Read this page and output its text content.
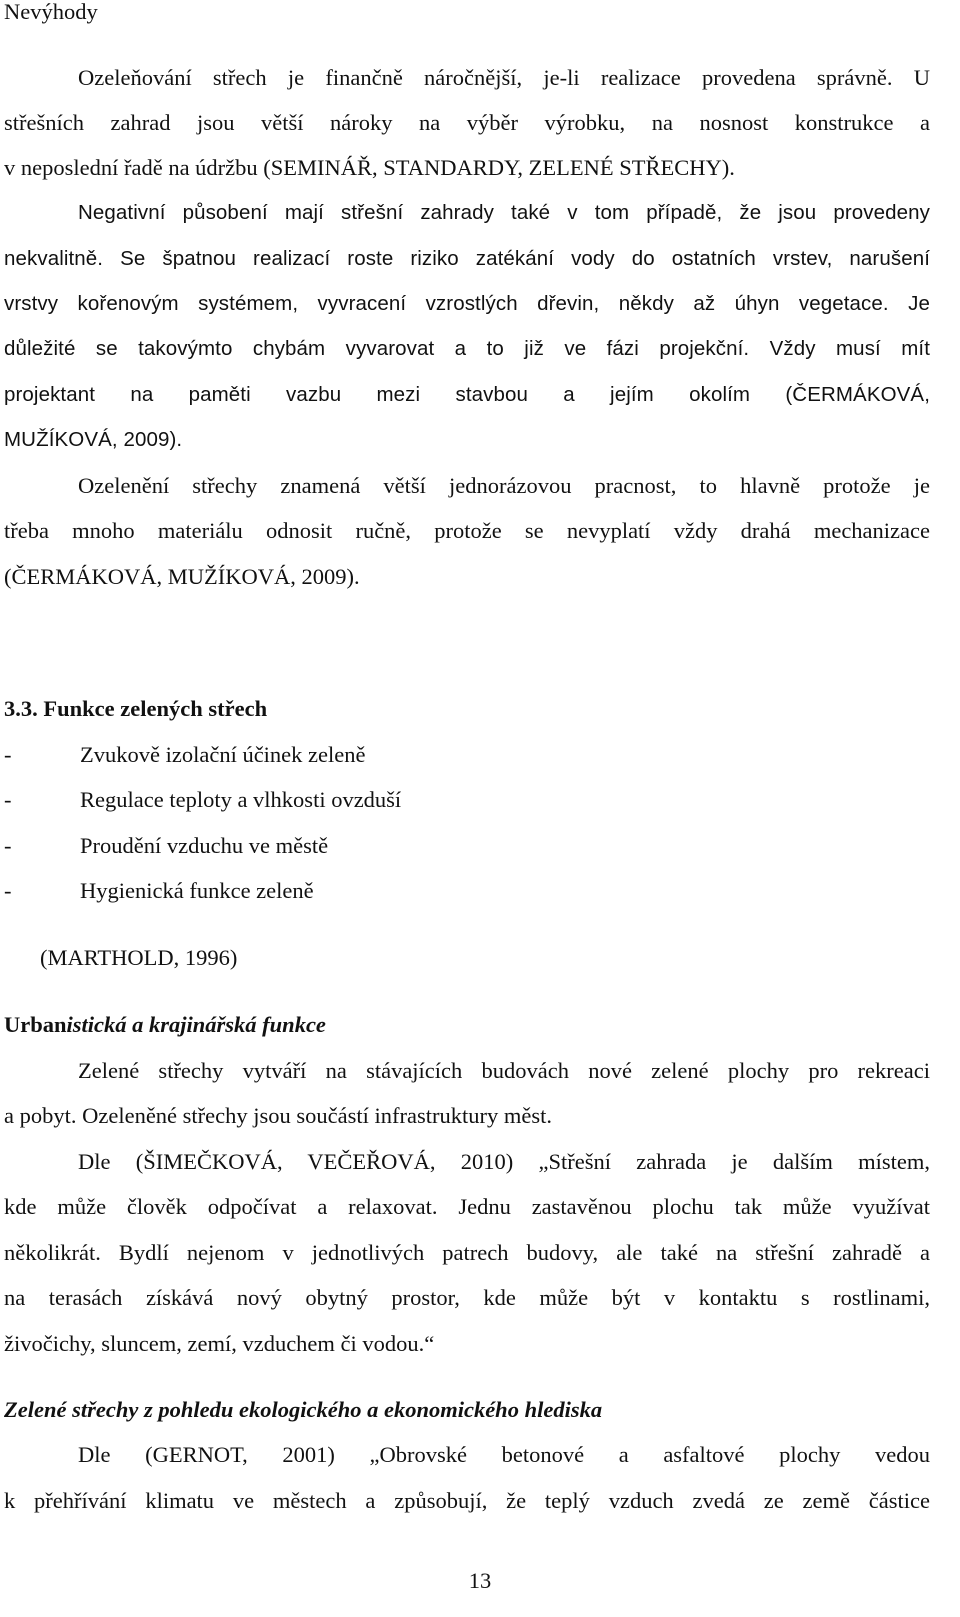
Nevýhody
Ozeleňování střech je finančně náročnější, je-li realizace provedena správně. U
střešních zahrad jsou větší nároky na výběr výrobku, na nosnost konstrukce a
v neposlední řadě na údržbu (SEMINÁŘ, STANDARDY, ZELENÉ STŘECHY).
Negativní působení mají střešní zahrady také v tom případě, že jsou provedeny
nekvalitně. Se špatnou realizací roste riziko zatékání vody do ostatních vrstev, narušení
vrstvy kořenovým systémem, vyvracení vzrostlých dřevin, někdy až úhyn vegetace. Je
důležité se takovýmto chybám vyvarovat a to již ve fázi projekční. Vždy musí mít
projektant na paměti vazbu mezi stavbou a jejím okolím (ČERMÁKOVÁ,
MUŽÍKOVÁ, 2009).
Ozelenění střechy znamená větší jednorázovou pracnost, to hlavně protože je
třeba mnoho materiálu odnosit ručně, protože se nevyplatí vždy drahá mechanizace
(ČERMÁKOVÁ, MUŽÍKOVÁ, 2009).
3.3. Funkce zelených střech
-	Zvukově izolační účinek zeleně
-	Regulace teploty a vlhkosti ovzduší
-	Proudění vzduchu ve městě
-	Hygienická funkce zeleně
(MARTHOLD, 1996)
Urbanistická a krajinářská funkce
Zelené střechy vytváří na stávajících budovách nové zelené plochy pro rekreaci
a pobyt. Ozeleněné střechy jsou součástí infrastruktury měst.
Dle (ŠIMEČKOVÁ, VEČEŘOVÁ, 2010) „Střešní zahrada je dalším místem,
kde může člověk odpočívat a relaxovat. Jednu zastavěnou plochu tak může využívat
několikrát. Bydlí nejenom v jednotlivých patrech budovy, ale také na střešní zahradě a
na terasách získává nový obytný prostor, kde může být v kontaktu s rostlinami,
živočichy, sluncem, zemí, vzduchem či vodou.“
Zelené střechy z pohledu ekologického a ekonomického hlediska
Dle (GERNOT, 2001) „Obrovské betonové a asfaltové plochy vedou
k přehřívání klimatu ve městech a způsobují, že teplý vzduch zvedá ze země částice
13
